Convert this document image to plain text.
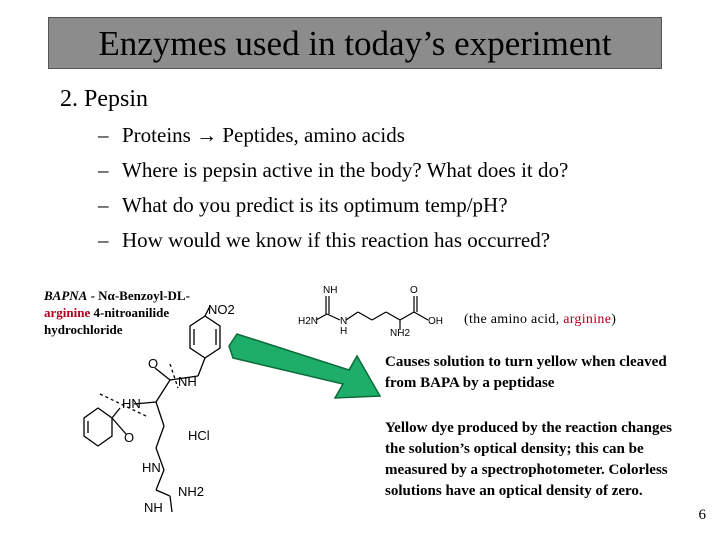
Enzymes used in today’s experiment
2. Pepsin
– Proteins → Peptides, amino acids
– Where is pepsin active in the body? What does it do?
– What do you predict is its optimum temp/pH?
– How would we know if this reaction has occurred?
NO2
O
NH
HN
O	HCl
HN
NH2
NH
BAPNA - Nα-Benzoyl-DL-arginine 4-nitroanilide hydrochloride
NH	O
H2N N
H
OH
NH2
(the amino acid, arginine)
Causes solution to turn yellow when cleaved from BAPA by a peptidase
Yellow dye produced by the reaction changes the solution’s optical density; this can be measured by a spectrophotometer. Colorless solutions have an optical density of zero.
6
